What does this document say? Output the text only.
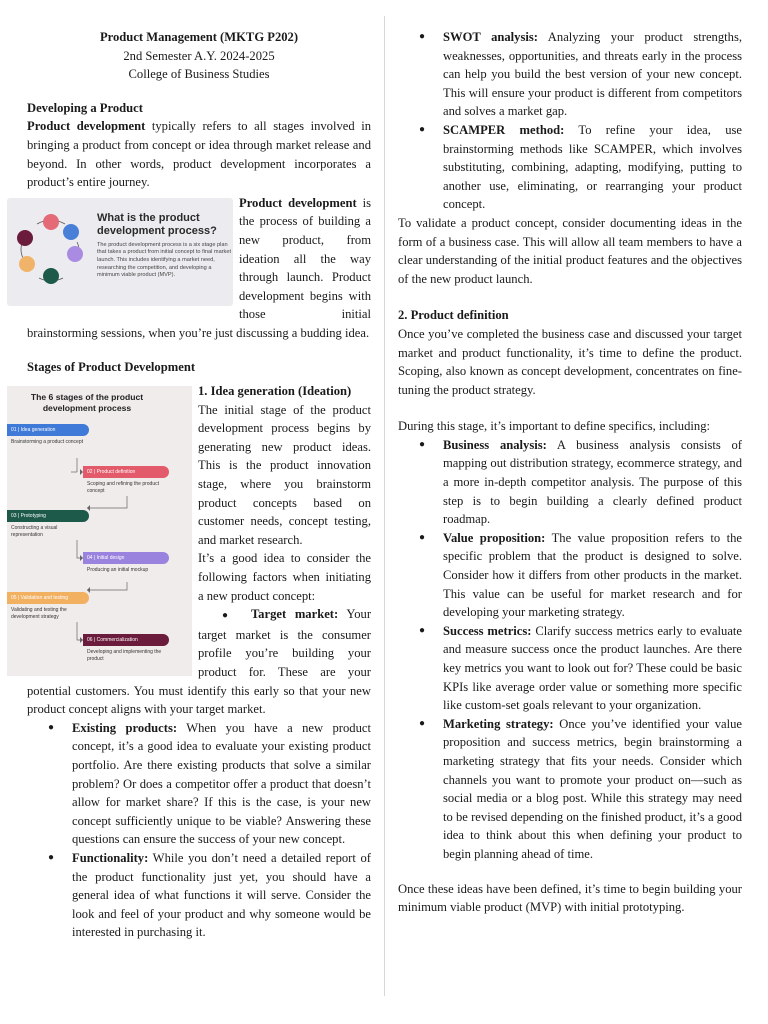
Product Management (MKTG P202)

2nd Semester A.Y. 2024-2025

College of Business Studies

Developing a Product

Product development typically refers to all stages involved in bringing a product from concept or idea through market release and beyond. In other words, product development incorporates a product’s entire journey.

What is the product development process?
The product development process is a six stage plan that takes a product from initial concept to final market launch. This includes identifying a market need, researching the competition, and developing a minimum viable product (MVP).

Product development is the process of building a new product, from ideation all the way through launch. Product development begins with those initial brainstorming sessions, when you’re just discussing a budding idea.

Stages of Product Development

The 6 stages of the product development process
01 | Idea generation
Brainstorming a product concept
02 | Product definition
Scoping and refining the product concept
03 | Prototyping
Constructing a visual representation
04 | Initial design
Producing an initial mockup
05 | Validation and testing
Validating and testing the development strategy
06 | Commercialization
Developing and implementing the product

1. Idea generation (Ideation)

The initial stage of the product development process begins by generating new product ideas. This is the product innovation stage, where you brainstorm product concepts based on customer needs, concept testing, and market research.

It’s a good idea to consider the following factors when initiating a new product concept:

● Target market: Your target market is the consumer profile you’re building your product for. These are your potential customers. You must identify this early so that your new product concept aligns with your target market.

● Existing products: When you have a new product concept, it’s a good idea to evaluate your existing product portfolio. Are there existing products that solve a similar problem? Or does a competitor offer a product that doesn’t allow for market share? If this is the case, is your new concept sufficiently unique to be viable? Answering these questions can ensure the success of your new concept.
● Functionality: While you don’t need a detailed report of the product functionality just yet, you should have a general idea of what functions it will serve. Consider the look and feel of your product and why someone would be interested in purchasing it.
● SWOT analysis: Analyzing your product strengths, weaknesses, opportunities, and threats early in the process can help you build the best version of your new concept. This will ensure your product is different from competitors and solves a market gap.
● SCAMPER method: To refine your idea, use brainstorming methods like SCAMPER, which involves substituting, combining, adapting, modifying, putting to another use, eliminating, or rearranging your product concept.

To validate a product concept, consider documenting ideas in the form of a business case. This will allow all team members to have a clear understanding of the initial product features and the objectives of the new product launch.

2. Product definition

Once you’ve completed the business case and discussed your target market and product functionality, it’s time to define the product. Scoping, also known as concept development, concentrates on fine-tuning the product strategy.

During this stage, it’s important to define specifics, including:

● Business analysis: A business analysis consists of mapping out distribution strategy, ecommerce strategy, and a more in-depth competitor analysis. The purpose of this step is to begin building a clearly defined product roadmap.
● Value proposition: The value proposition refers to the specific problem that the product is designed to solve. Consider how it differs from other products in the market. This value can be useful for market research and for developing your marketing strategy.
● Success metrics: Clarify success metrics early to evaluate and measure success once the product launches. Are there key metrics you want to look out for? These could be basic KPIs like average order value or something more specific like custom-set goals relevant to your organization.
● Marketing strategy: Once you’ve identified your value proposition and success metrics, begin brainstorming a marketing strategy that fits your needs. Consider which channels you want to promote your product on—such as social media or a blog post. While this strategy may need to be revised depending on the finished product, it’s a good idea to think about this when defining your product to begin planning ahead of time.

Once these ideas have been defined, it’s time to begin building your minimum viable product (MVP) with initial prototyping.
